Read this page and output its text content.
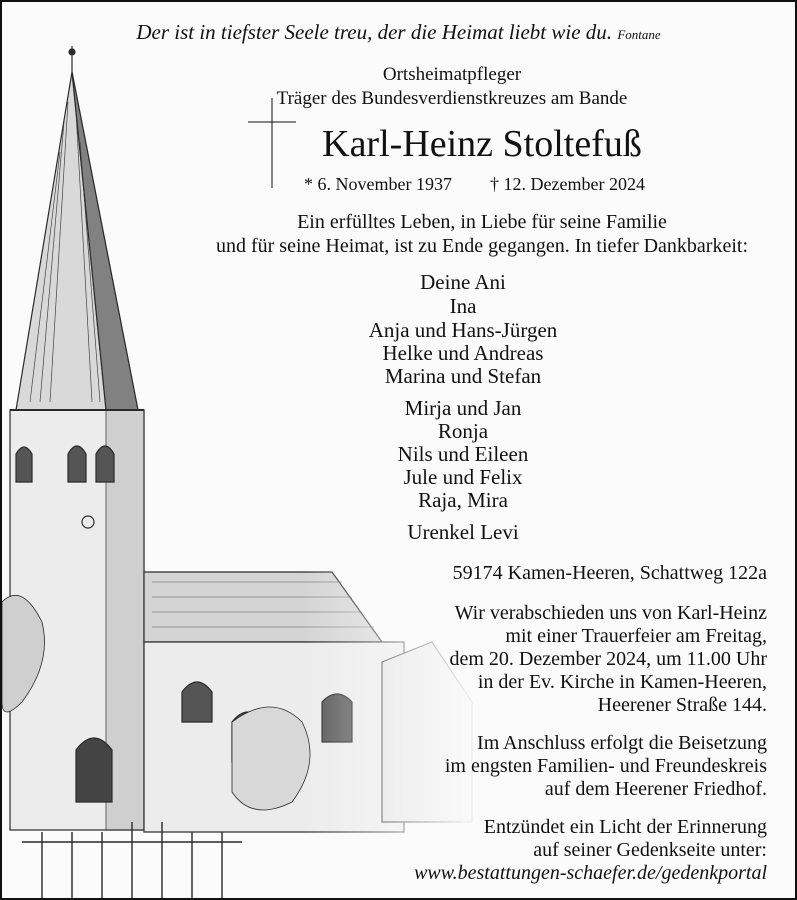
Der ist in tiefster Seele treu, der die Heimat liebt wie du. Fontane
Ortsheimatpfleger
Träger des Bundesverdienstkreuzes am Bande
Karl-Heinz Stoltefuß
* 6. November 1937 † 12. Dezember 2024
Ein erfülltes Leben, in Liebe für seine Familie
und für seine Heimat, ist zu Ende gegangen. In tiefer Dankbarkeit:
Deine Ani
Ina
Anja und Hans-Jürgen
Helke und Andreas
Marina und Stefan
Mirja und Jan
Ronja
Nils und Eileen
Jule und Felix
Raja, Mira
Urenkel Levi
59174 Kamen-Heeren, Schattweg 122a
Wir verabschieden uns von Karl-Heinz
mit einer Trauerfeier am Freitag,
dem 20. Dezember 2024, um 11.00 Uhr
in der Ev. Kirche in Kamen-Heeren,
Heerener Straße 144.
Im Anschluss erfolgt die Beisetzung
im engsten Familien- und Freundeskreis
auf dem Heerener Friedhof.
Entzündet ein Licht der Erinnerung
auf seiner Gedenkseite unter:
www.bestattungen-schaefer.de/gedenkportal
